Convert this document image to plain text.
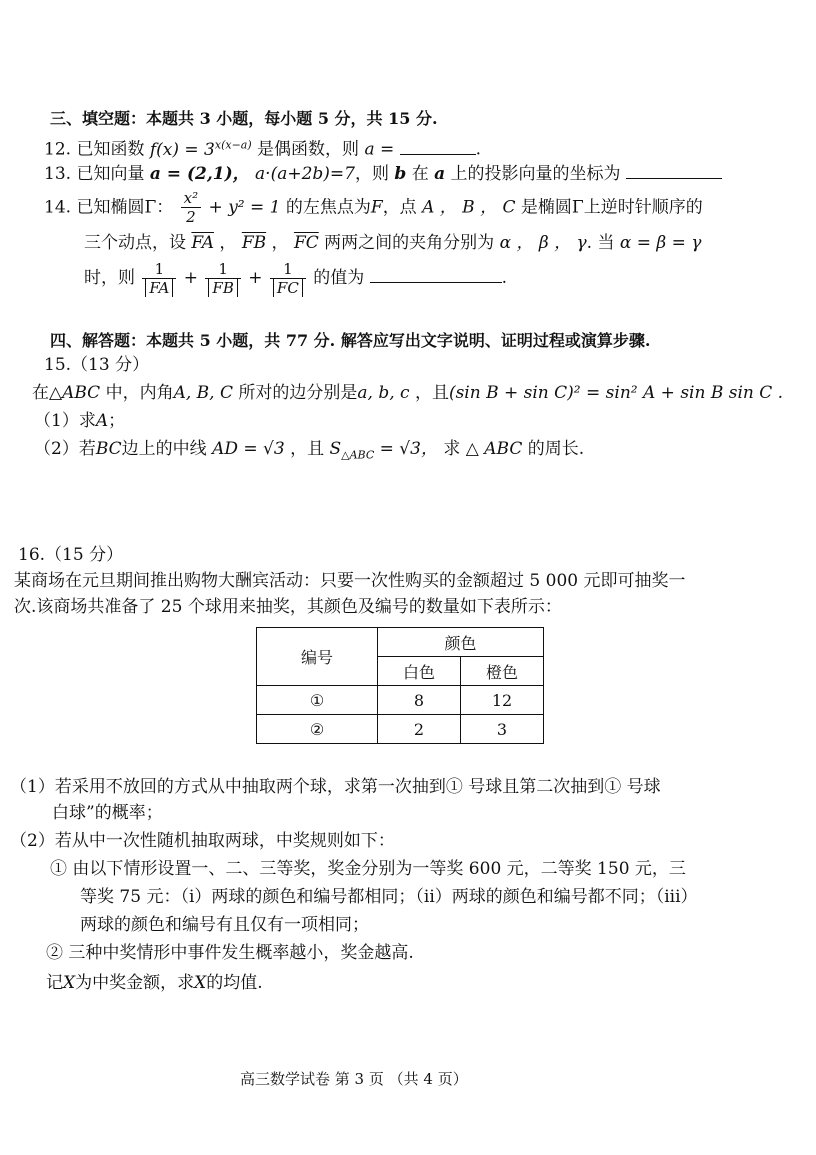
三、填空题：本题共 3 小题，每小题 5 分，共 15 分.
12. 已知函数 $f(x) = 3^{x(x-a)}$ 是偶函数，则 a =	.
13. 已知向量 a = (2,1)， a·(a+2b)=7，则 b 在 a 上的投影向量的坐标为
14. 已知椭圆Γ： $\frac{\text{x²}}{2} + y^2 = 1$ 的左焦点为F，点 A ， B ， C 是椭圆Γ上逆时针顺序的
三个动点，设 $\overline{FA}$ ， $\overline{FB}$ ， $\overline{FC}$ 两两之间的夹角分别为 α ， β ， γ. 当 α = β = γ
时，则 $\frac{1}{FA} + \frac{1}{FB} + \frac{1}{FC}$ 的值为	.
四、解答题：本题共 5 小题，共 77 分. 解答应写出文字说明、证明过程或演算步骤.
15.（13 分）
在△ABC 中，内角A, B, C 所对的边分别是a, b, c ，且(sin B + sin C)² = sin² A + sin B sin C .
（1）求A；
（2）若BC边上的中线 AD = √3 ，且 $S_{\triangle ABC} = √3$， 求 △ ABC 的周长.
16.（15 分）
某商场在元旦期间推出购物大酬宾活动：只要一次性购买的金额超过 5 000 元即可抽奖一
次.该商场共准备了 25 个球用来抽奖，其颜色及编号的数量如下表所示：
编号	颜色	
	白色	橙色
①	8	12
②	2	3
（1）若采用不放回的方式从中抽取两个球，求第一次抽到① 号球且第二次抽到① 号球
白球”的概率；
（2）若从中一次性随机抽取两球，中奖规则如下：
① 由以下情形设置一、二、三等奖，奖金分别为一等奖 600 元，二等奖 150 元，三
等奖 75 元：（i）两球的颜色和编号都相同；（ii）两球的颜色和编号都不同；（iii）
两球的颜色和编号有且仅有一项相同；
② 三种中奖情形中事件发生概率越小，奖金越高.
记X为中奖金额，求X的均值.
高三数学试卷 第 3 页 （共 4 页）
